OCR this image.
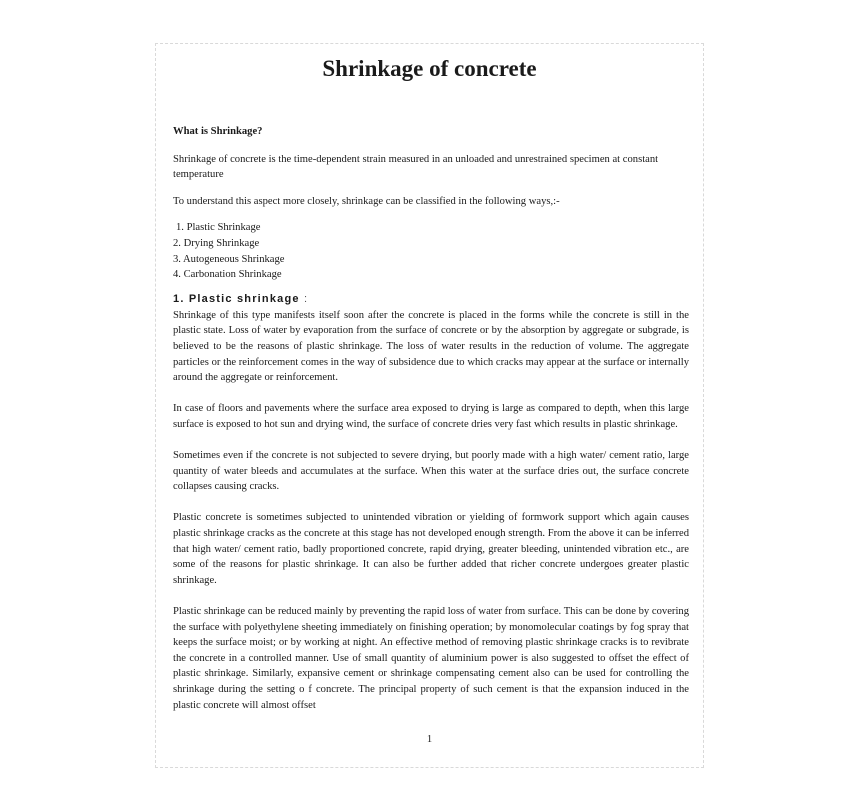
Shrinkage of concrete

What is Shrinkage?

Shrinkage of concrete is the time-dependent strain measured in an unloaded and unrestrained specimen at constant temperature

To understand this aspect more closely, shrinkage can be classified in the following ways,:-

1. Plastic Shrinkage
2. Drying Shrinkage
3. Autogeneous Shrinkage
4. Carbonation Shrinkage

1. Plastic shrinkage :

Shrinkage of this type manifests itself soon after the concrete is placed in the forms while the concrete is still in the plastic state. Loss of water by evaporation from the surface of concrete or by the absorption by aggregate or subgrade, is believed to be the reasons of plastic shrinkage. The loss of water results in the reduction of volume. The aggregate particles or the reinforcement comes in the way of subsidence due to which cracks may appear at the surface or internally around the aggregate or reinforcement.

In case of floors and pavements where the surface area exposed to drying is large as compared to depth, when this large surface is exposed to hot sun and drying wind, the surface of concrete dries very fast which results in plastic shrinkage.

Sometimes even if the concrete is not subjected to severe drying, but poorly made with a high water/ cement ratio, large quantity of water bleeds and accumulates at the surface. When this water at the surface dries out, the surface concrete collapses causing cracks.

Plastic concrete is sometimes subjected to unintended vibration or yielding of formwork support which again causes plastic shrinkage cracks as the concrete at this stage has not developed enough strength. From the above it can be inferred that high water/ cement ratio, badly proportioned concrete, rapid drying, greater bleeding, unintended vibration etc., are some of the reasons for plastic shrinkage. It can also be further added that richer concrete undergoes greater plastic shrinkage.

Plastic shrinkage can be reduced mainly by preventing the rapid loss of water from surface. This can be done by covering the surface with polyethylene sheeting immediately on finishing operation; by monomolecular coatings by fog spray that keeps the surface moist; or by working at night. An effective method of removing plastic shrinkage cracks is to revibrate the concrete in a controlled manner. Use of small quantity of aluminium power is also suggested to offset the effect of plastic shrinkage. Similarly, expansive cement or shrinkage compensating cement also can be used for controlling the shrinkage during the setting o f concrete. The principal property of such cement is that the expansion induced in the plastic concrete will almost offset

1
